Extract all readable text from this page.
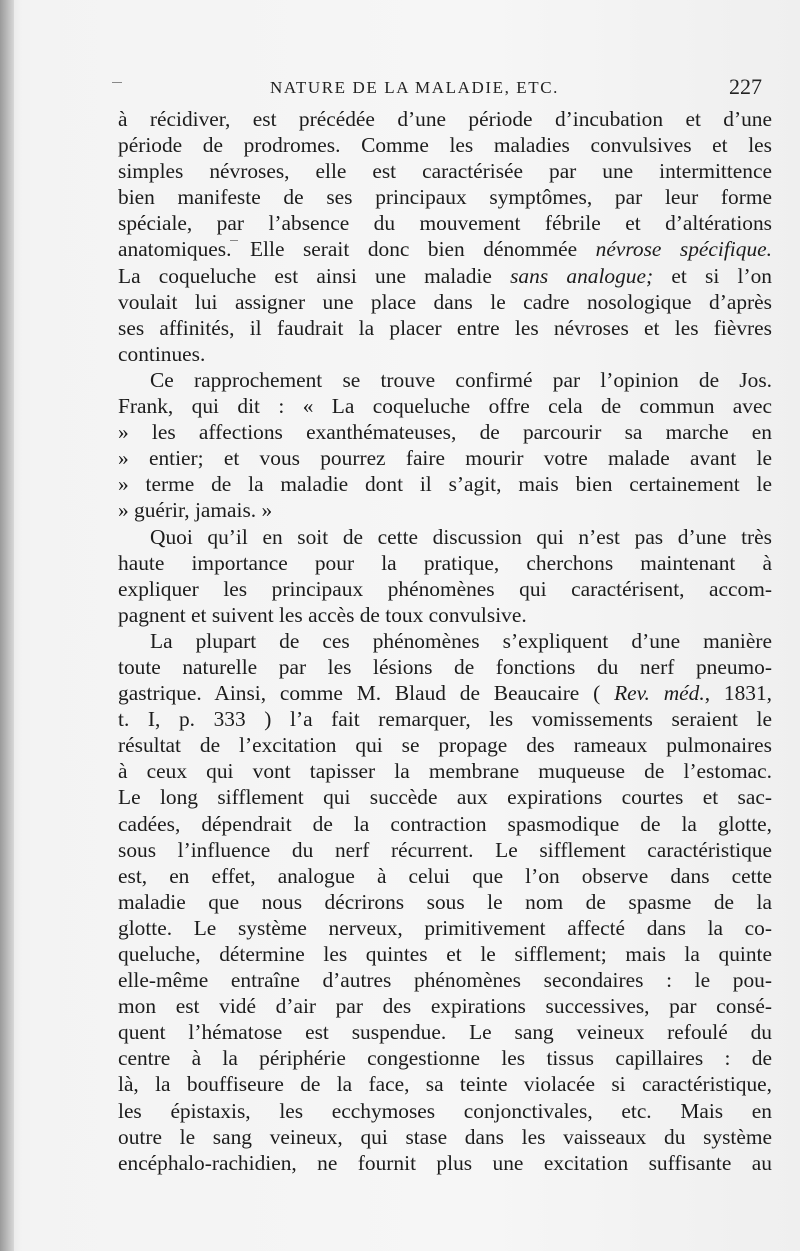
NATURE DE LA MALADIE, ETC.	227
à récidiver, est précédée d’une période d’incubation et d’une
période de prodromes. Comme les maladies convulsives et les
simples névroses, elle est caractérisée par une intermittence
bien manifeste de ses principaux symptômes, par leur forme
spéciale, par l’absence du mouvement fébrile et d’altérations
anatomiques. Elle serait donc bien dénommée névrose spécifique.
La coqueluche est ainsi une maladie sans analogue; et si l’on
voulait lui assigner une place dans le cadre nosologique d’après
ses affinités, il faudrait la placer entre les névroses et les fièvres
continues.
Ce rapprochement se trouve confirmé par l’opinion de Jos.
Frank, qui dit : « La coqueluche offre cela de commun avec
» les affections exanthémateuses, de parcourir sa marche en
» entier; et vous pourrez faire mourir votre malade avant le
» terme de la maladie dont il s’agit, mais bien certainement le
» guérir, jamais. »
Quoi qu’il en soit de cette discussion qui n’est pas d’une très
haute importance pour la pratique, cherchons maintenant à
expliquer les principaux phénomènes qui caractérisent, accom-
pagnent et suivent les accès de toux convulsive.
La plupart de ces phénomènes s’expliquent d’une manière
toute naturelle par les lésions de fonctions du nerf pneumo-
gastrique. Ainsi, comme M. Blaud de Beaucaire ( Rev. méd., 1831,
t. I, p. 333 ) l’a fait remarquer, les vomissements seraient le
résultat de l’excitation qui se propage des rameaux pulmonaires
à ceux qui vont tapisser la membrane muqueuse de l’estomac.
Le long sifflement qui succède aux expirations courtes et sac-
cadées, dépendrait de la contraction spasmodique de la glotte,
sous l’influence du nerf récurrent. Le sifflement caractéristique
est, en effet, analogue à celui que l’on observe dans cette
maladie que nous décrirons sous le nom de spasme de la
glotte. Le système nerveux, primitivement affecté dans la co-
queluche, détermine les quintes et le sifflement; mais la quinte
elle-même entraîne d’autres phénomènes secondaires : le pou-
mon est vidé d’air par des expirations successives, par consé-
quent l’hématose est suspendue. Le sang veineux refoulé du
centre à la périphérie congestionne les tissus capillaires : de
là, la bouffiseure de la face, sa teinte violacée si caractéristique,
les épistaxis, les ecchymoses conjonctivales, etc. Mais en
outre le sang veineux, qui stase dans les vaisseaux du système
encéphalo-rachidien, ne fournit plus une excitation suffisante au
